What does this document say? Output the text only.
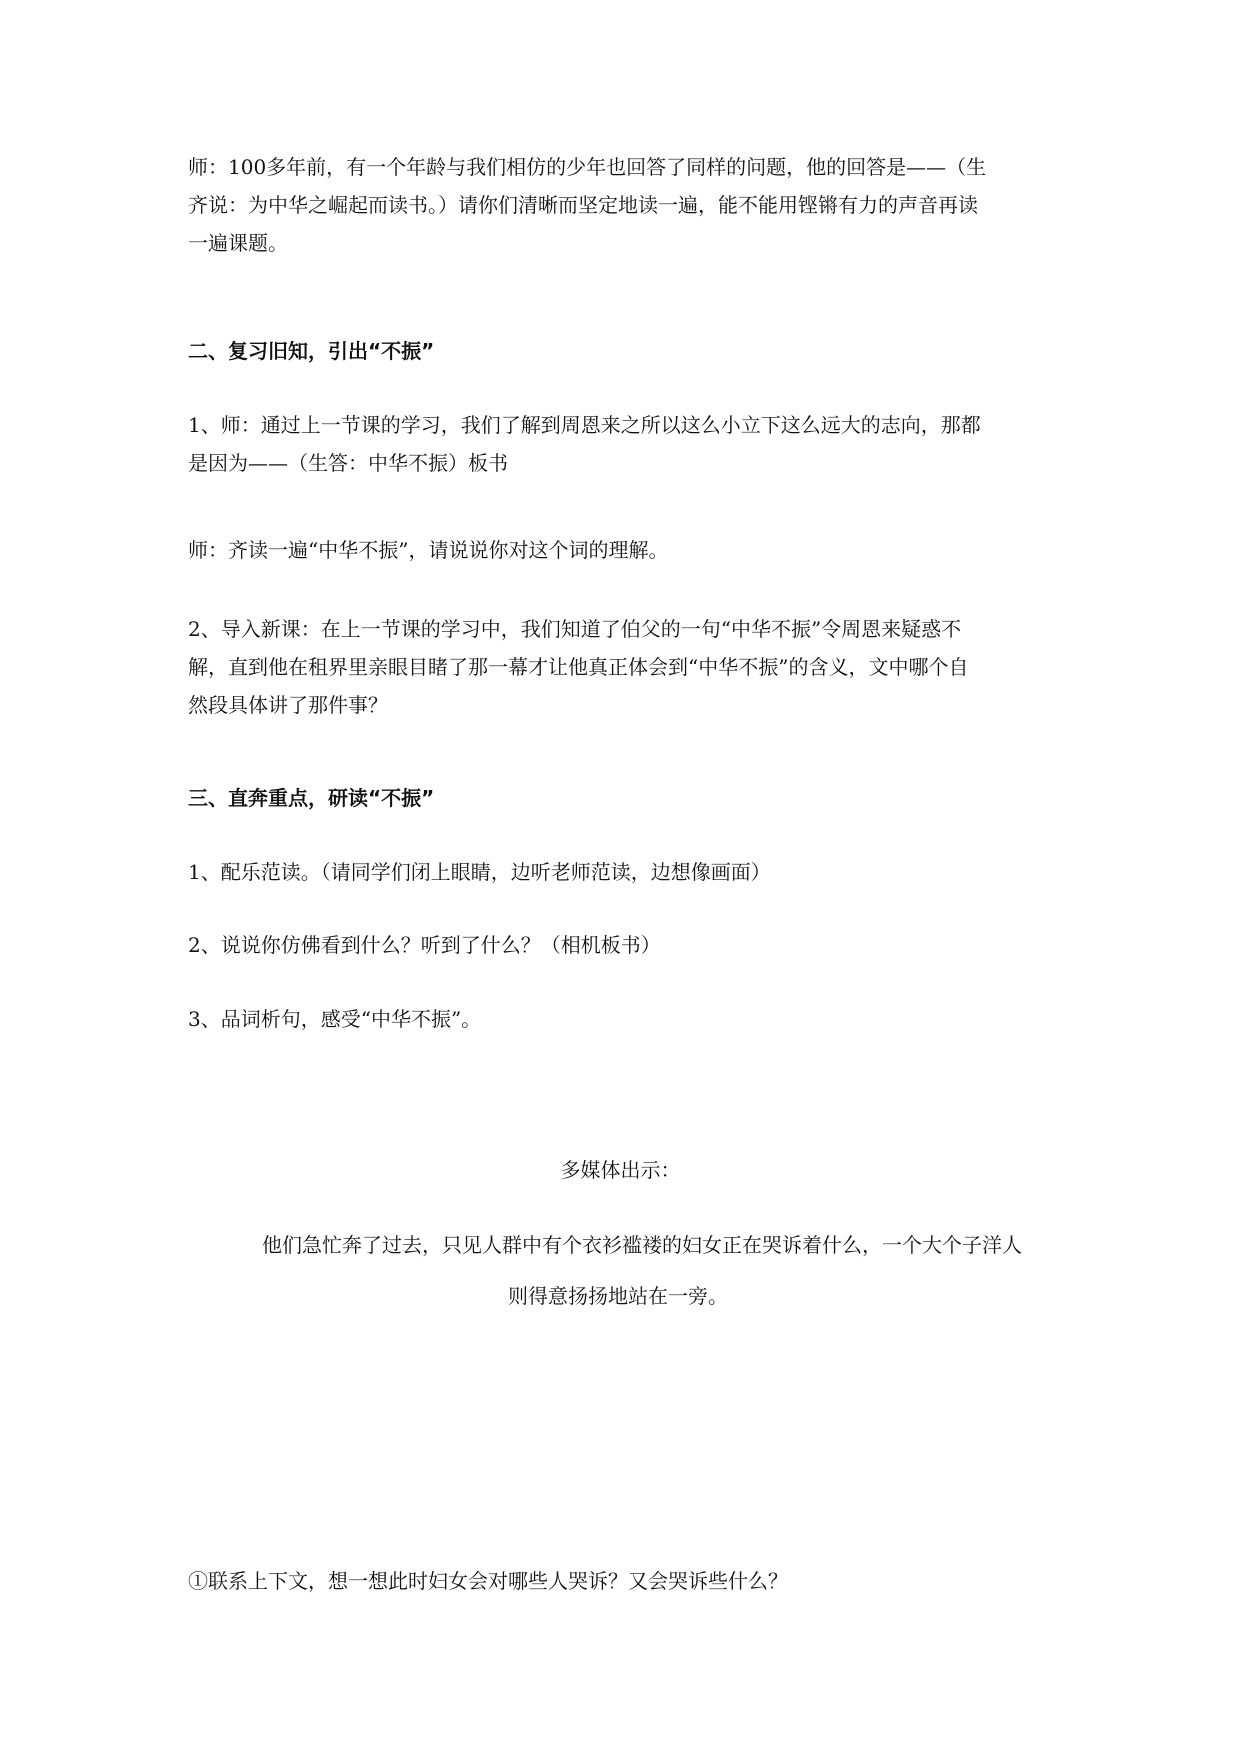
师：100多年前，有一个年龄与我们相仿的少年也回答了同样的问题，他的回答是——（生
齐说：为中华之崛起而读书。）请你们清晰而坚定地读一遍，能不能用铿锵有力的声音再读
一遍课题。

二、复习旧知，引出“不振”

1、师：通过上一节课的学习，我们了解到周恩来之所以这么小立下这么远大的志向，那都
是因为——（生答：中华不振）板书

师：齐读一遍“中华不振”，请说说你对这个词的理解。

2、导入新课：在上一节课的学习中，我们知道了伯父的一句“中华不振”令周恩来疑惑不
解，直到他在租界里亲眼目睹了那一幕才让他真正体会到“中华不振”的含义，文中哪个自
然段具体讲了那件事？

三、直奔重点，研读“不振”

1、配乐范读。（请同学们闭上眼睛，边听老师范读，边想像画面）

2、说说你仿佛看到什么？听到了什么？（相机板书）

3、品词析句，感受“中华不振”。

多媒体出示：

他们急忙奔了过去，只见人群中有个衣衫褴褛的妇女正在哭诉着什么，一个大个子洋人
则得意扬扬地站在一旁。

①联系上下文，想一想此时妇女会对哪些人哭诉？又会哭诉些什么？
